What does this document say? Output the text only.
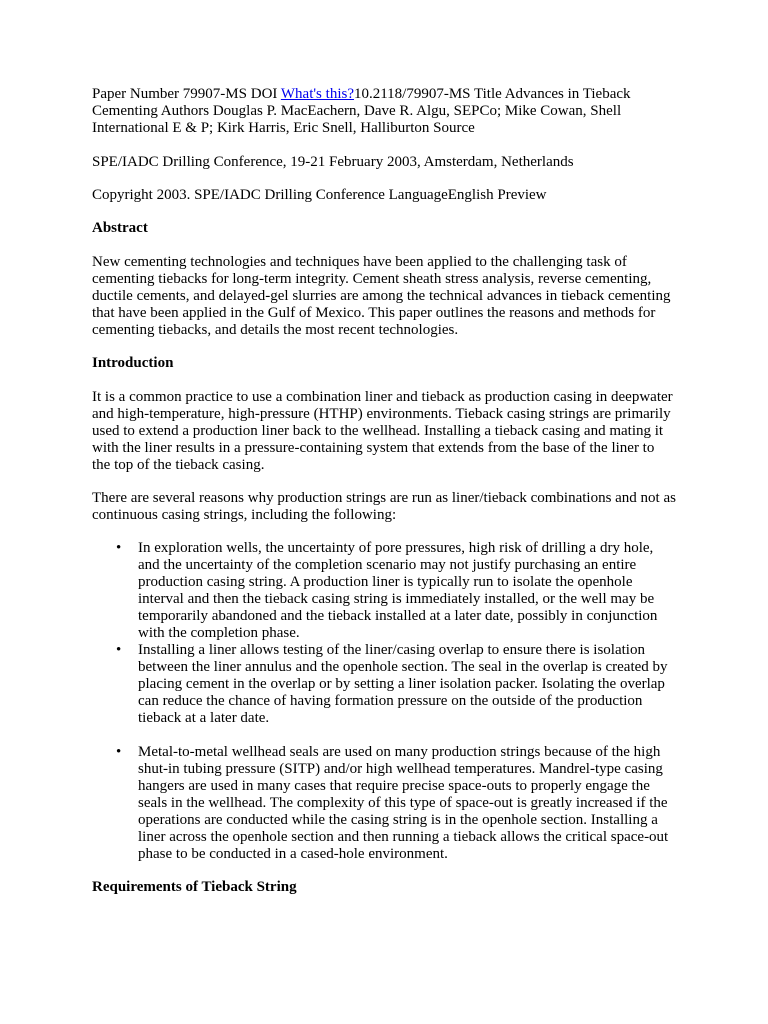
Paper Number 79907-MS DOI What's this?10.2118/79907-MS Title Advances in Tieback Cementing Authors Douglas P. MacEachern, Dave R. Algu, SEPCo; Mike Cowan, Shell International E & P; Kirk Harris, Eric Snell, Halliburton Source

SPE/IADC Drilling Conference, 19-21 February 2003, Amsterdam, Netherlands

Copyright 2003. SPE/IADC Drilling Conference LanguageEnglish Preview

Abstract

New cementing technologies and techniques have been applied to the challenging task of cementing tiebacks for long-term integrity. Cement sheath stress analysis, reverse cementing, ductile cements, and delayed-gel slurries are among the technical advances in tieback cementing that have been applied in the Gulf of Mexico. This paper outlines the reasons and methods for cementing tiebacks, and details the most recent technologies.

Introduction

It is a common practice to use a combination liner and tieback as production casing in deepwater and high-temperature, high-pressure (HTHP) environments. Tieback casing strings are primarily used to extend a production liner back to the wellhead. Installing a tieback casing and mating it with the liner results in a pressure-containing system that extends from the base of the liner to the top of the tieback casing.

There are several reasons why production strings are run as liner/tieback combinations and not as continuous casing strings, including the following:

• In exploration wells, the uncertainty of pore pressures, high risk of drilling a dry hole, and the uncertainty of the completion scenario may not justify purchasing an entire production casing string. A production liner is typically run to isolate the openhole interval and then the tieback casing string is immediately installed, or the well may be temporarily abandoned and the tieback installed at a later date, possibly in conjunction with the completion phase.
• Installing a liner allows testing of the liner/casing overlap to ensure there is isolation between the liner annulus and the openhole section. The seal in the overlap is created by placing cement in the overlap or by setting a liner isolation packer. Isolating the overlap can reduce the chance of having formation pressure on the outside of the production tieback at a later date.
• Metal-to-metal wellhead seals are used on many production strings because of the high shut-in tubing pressure (SITP) and/or high wellhead temperatures. Mandrel-type casing hangers are used in many cases that require precise space-outs to properly engage the seals in the wellhead. The complexity of this type of space-out is greatly increased if the operations are conducted while the casing string is in the openhole section. Installing a liner across the openhole section and then running a tieback allows the critical space-out phase to be conducted in a cased-hole environment.
Requirements of Tieback String
